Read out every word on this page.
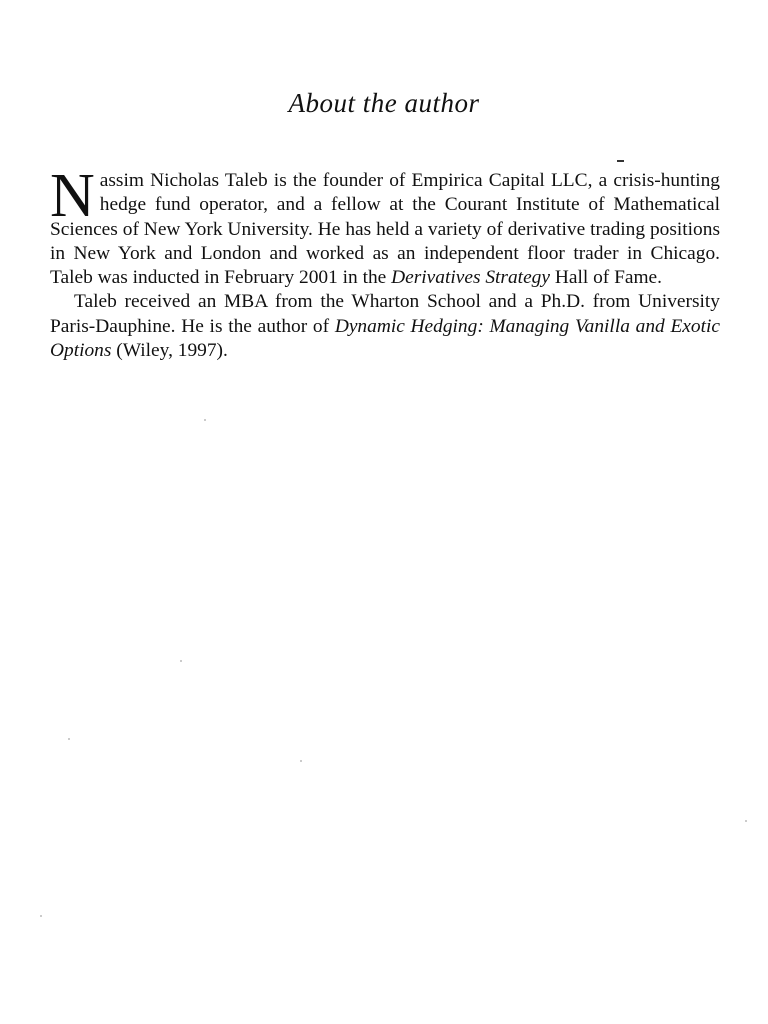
About the author

Nassim Nicholas Taleb is the founder of Empirica Capital LLC, a crisis-hunting hedge fund operator, and a fellow at the Courant Institute of Mathematical Sciences of New York University. He has held a variety of derivative trading positions in New York and London and worked as an independent floor trader in Chicago. Taleb was inducted in February 2001 in the Derivatives Strategy Hall of Fame.

Taleb received an MBA from the Wharton School and a Ph.D. from University Paris-Dauphine. He is the author of Dynamic Hedging: Managing Vanilla and Exotic Options (Wiley, 1997).
